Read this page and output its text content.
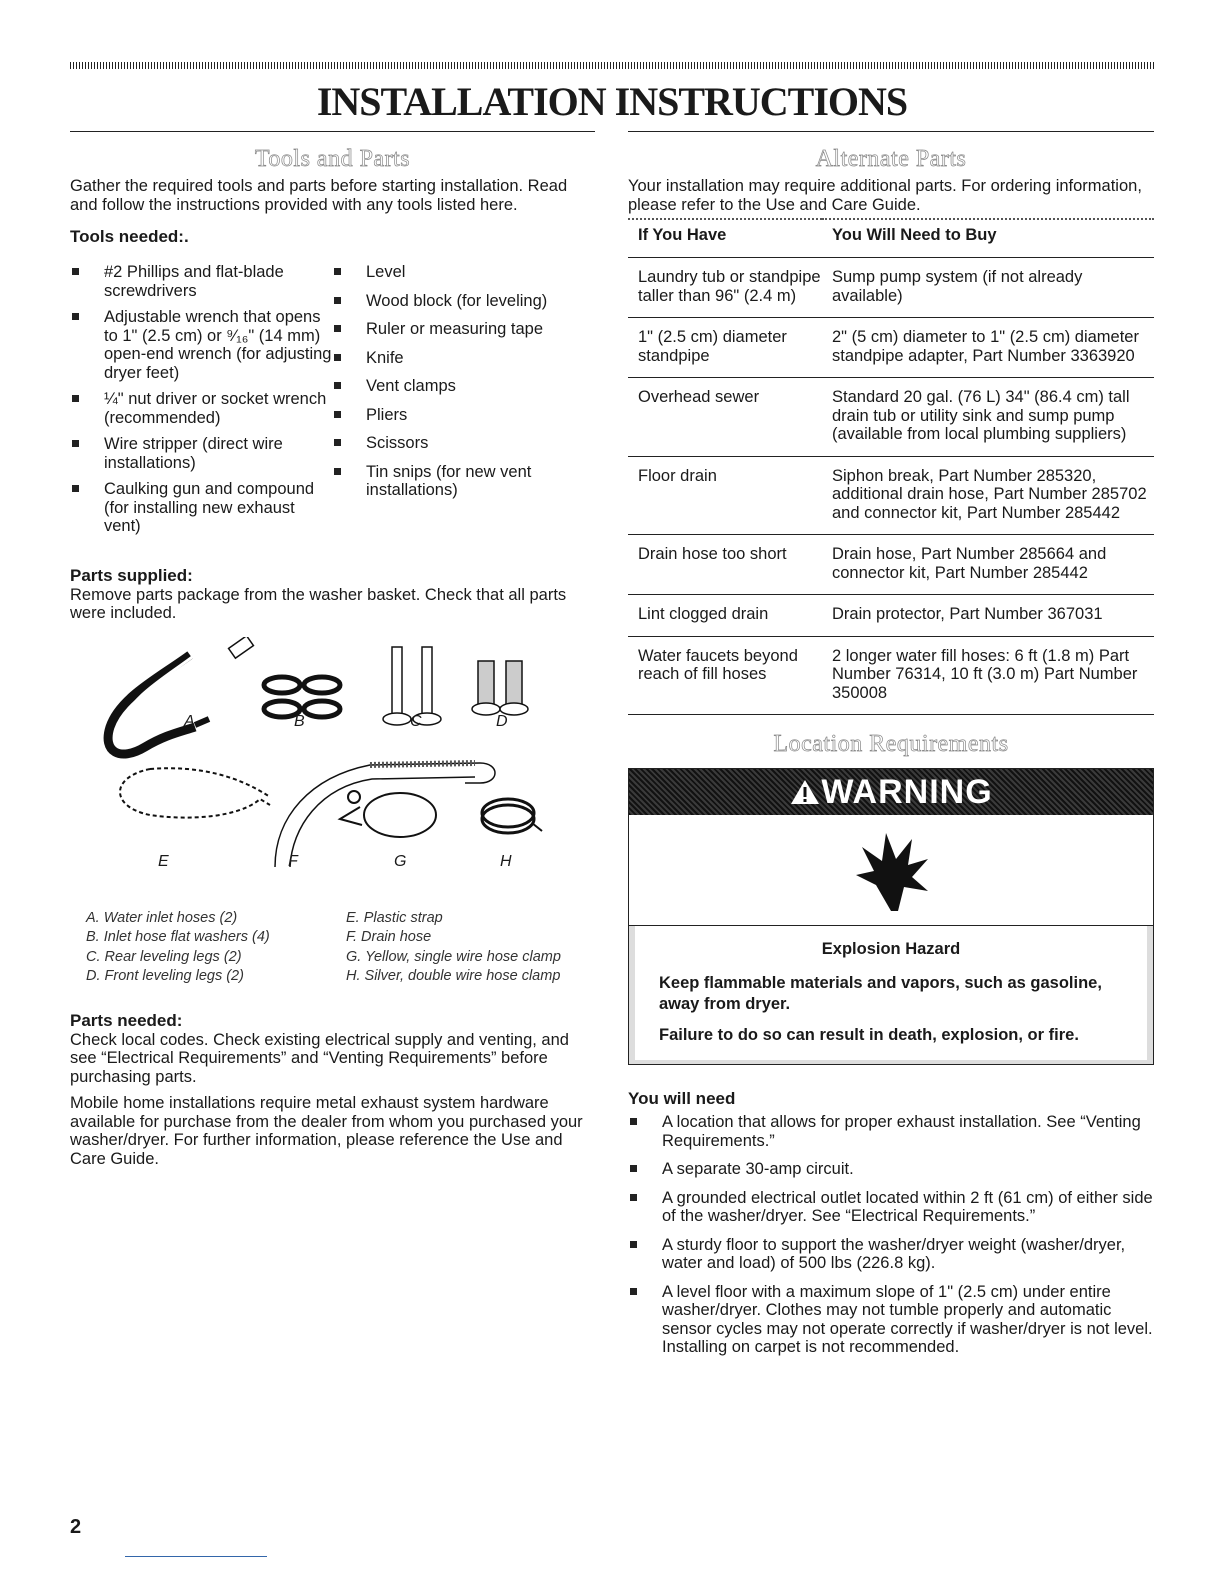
INSTALLATION INSTRUCTIONS
Tools and Parts

Gather the required tools and parts before starting installation. Read and follow the instructions provided with any tools listed here.

Tools needed:.
#2 Phillips and flat-blade screwdrivers
Adjustable wrench that opens to 1" (2.5 cm) or ⁹⁄₁₆" (14 mm) open-end wrench (for adjusting dryer feet)
¼" nut driver or socket wrench (recommended)
Wire stripper (direct wire installations)
Caulking gun and compound (for installing new exhaust vent)
Level
Wood block (for leveling)
Ruler or measuring tape
Knife
Vent clamps
Pliers
Scissors
Tin snips (for new vent installations)
Parts supplied:

Remove parts package from the washer basket. Check that all parts were included.

A	B	C	D
E	F	G	H
A. Water inlet hoses (2)
B. Inlet hose flat washers (4)
C. Rear leveling legs (2)
D. Front leveling legs (2)
E. Plastic strap
F. Drain hose
G. Yellow, single wire hose clamp
H. Silver, double wire hose clamp
Parts needed:

Check local codes. Check existing electrical supply and venting, and see “Electrical Requirements” and “Venting Requirements” before purchasing parts.

Mobile home installations require metal exhaust system hardware available for purchase from the dealer from whom you purchased your washer/dryer. For further information, please reference the Use and Care Guide.

Alternate Parts

Your installation may require additional parts. For ordering information, please refer to the Use and Care Guide.

If You Have	You Will Need to Buy
Laundry tub or standpipe taller than 96" (2.4 m)	Sump pump system (if not already available)
1" (2.5 cm) diameter standpipe	2" (5 cm) diameter to 1" (2.5 cm) diameter standpipe adapter, Part Number 3363920
Overhead sewer	Standard 20 gal. (76 L) 34" (86.4 cm) tall drain tub or utility sink and sump pump (available from local plumbing suppliers)
Floor drain	Siphon break, Part Number 285320, additional drain hose, Part Number 285702 and connector kit, Part Number 285442
Drain hose too short	Drain hose, Part Number 285664 and connector kit, Part Number 285442
Lint clogged drain	Drain protector, Part Number 367031
Water faucets beyond reach of fill hoses	2 longer water fill hoses: 6 ft (1.8 m) Part Number 76314, 10 ft (3.0 m) Part Number 350008
Location Requirements
WARNING
Explosion Hazard
Keep flammable materials and vapors, such as gasoline, away from dryer.
Failure to do so can result in death, explosion, or fire.
You will need
A location that allows for proper exhaust installation. See “Venting Requirements.”
A separate 30-amp circuit.
A grounded electrical outlet located within 2 ft (61 cm) of either side of the washer/dryer. See “Electrical Requirements.”
A sturdy floor to support the washer/dryer weight (washer/dryer, water and load) of 500 lbs (226.8 kg).
A level floor with a maximum slope of 1" (2.5 cm) under entire washer/dryer. Clothes may not tumble properly and automatic sensor cycles may not operate correctly if washer/dryer is not level. Installing on carpet is not recommended.
2
